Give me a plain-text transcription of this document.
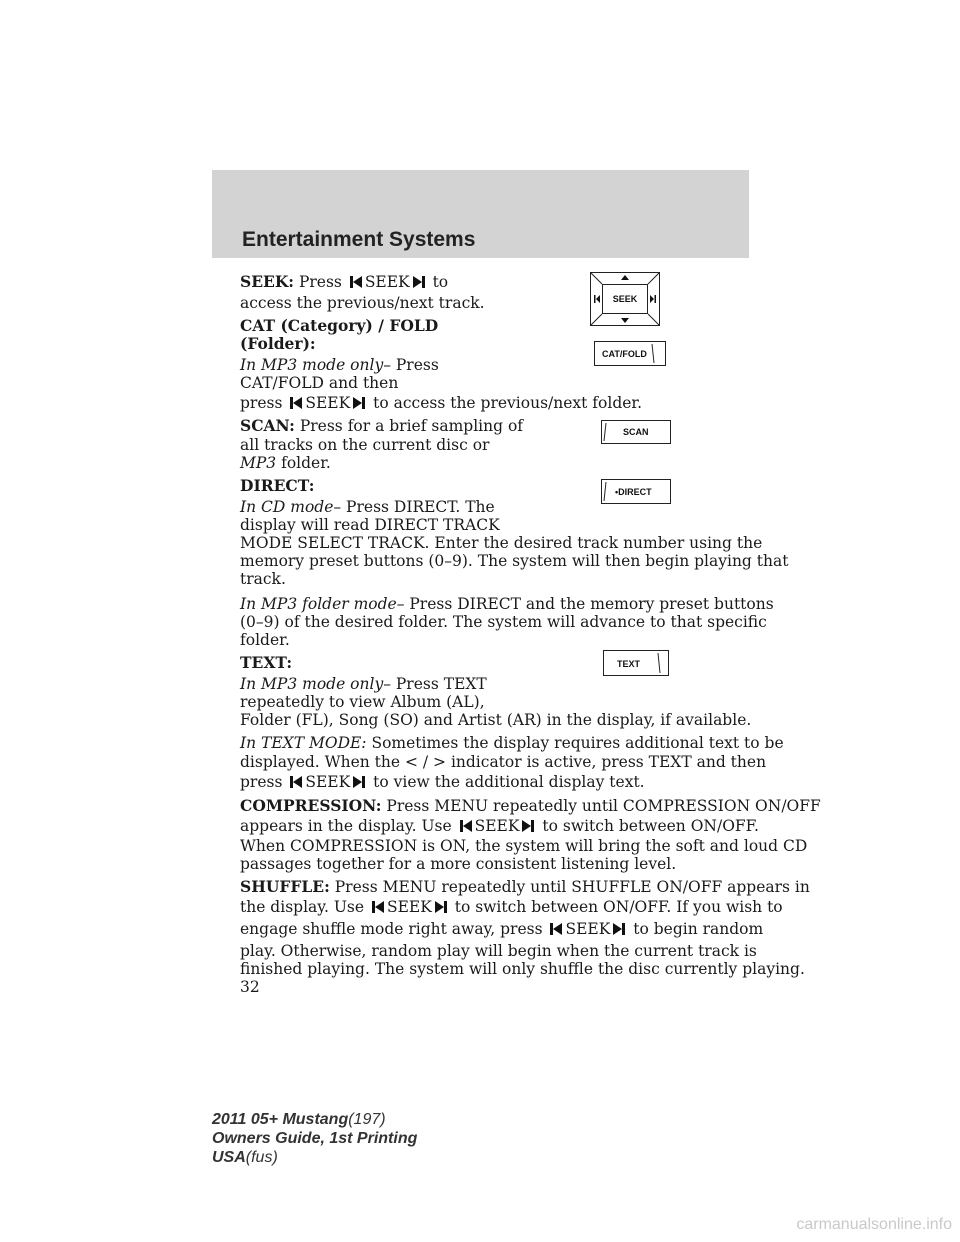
Entertainment Systems
SEEK: Press SEEK to
access the previous/next track.	SEEK
CAT (Category) / FOLD
(Folder):
In MP3 mode only– Press
CAT/FOLD and then
press SEEK to access the previous/next folder.
CAT/FOLD
SCAN: Press for a brief sampling of
all tracks on the current disc or
MP3 folder.
SCAN
DIRECT:
In CD mode– Press DIRECT. The
display will read DIRECT TRACK
MODE SELECT TRACK. Enter the desired track number using the
memory preset buttons (0–9). The system will then begin playing that
track.
•DIRECT
In MP3 folder mode– Press DIRECT and the memory preset buttons
(0–9) of the desired folder. The system will advance to that specific
folder.
TEXT:
In MP3 mode only– Press TEXT
repeatedly to view Album (AL),
Folder (FL), Song (SO) and Artist (AR) in the display, if available.
TEXT
In TEXT MODE: Sometimes the display requires additional text to be
displayed. When the < / > indicator is active, press TEXT and then
press SEEK to view the additional display text.
COMPRESSION: Press MENU repeatedly until COMPRESSION ON/OFF
appears in the display. Use SEEK to switch between ON/OFF.
When COMPRESSION is ON, the system will bring the soft and loud CD
passages together for a more consistent listening level.
SHUFFLE: Press MENU repeatedly until SHUFFLE ON/OFF appears in
the display. Use SEEK to switch between ON/OFF. If you wish to
engage shuffle mode right away, press SEEK to begin random
play. Otherwise, random play will begin when the current track is
finished playing. The system will only shuffle the disc currently playing.
32
2011 05+ Mustang(197)
Owners Guide, 1st Printing
USA(fus)
carmanualsonline.info
